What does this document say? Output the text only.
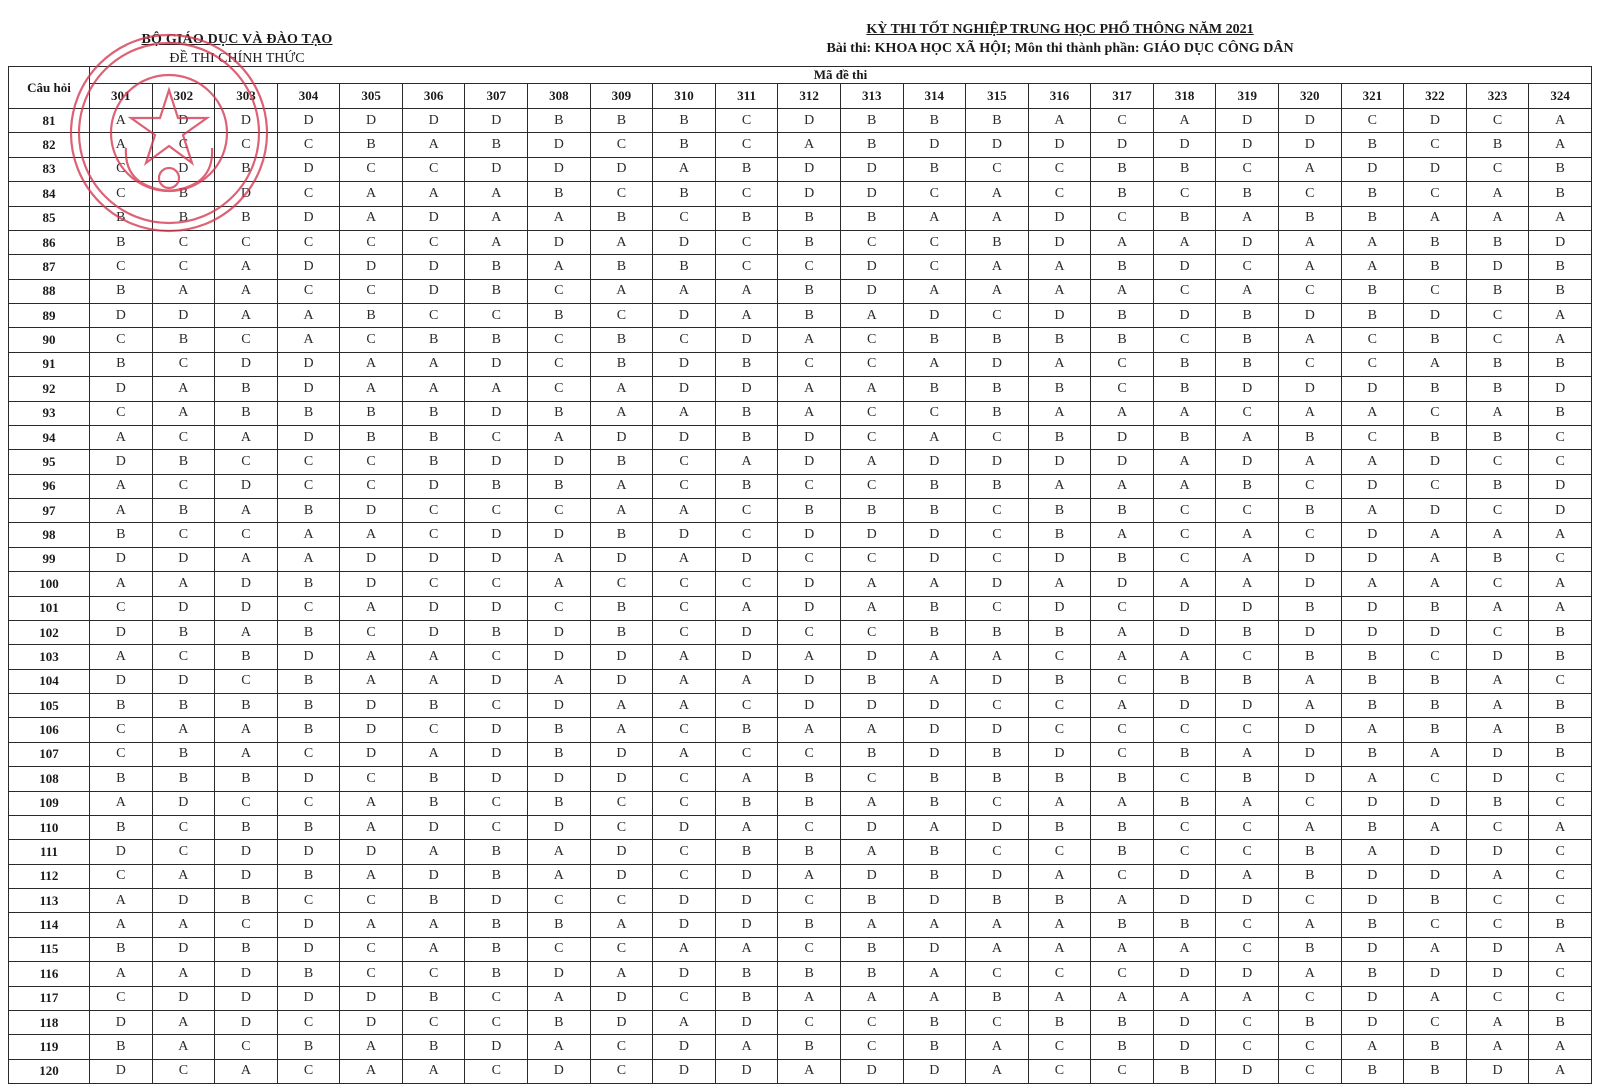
BỘ GIÁO DỤC VÀ ĐÀO TẠO
ĐỀ THI CHÍNH THỨC
KỲ THI TỐT NGHIỆP TRUNG HỌC PHỔ THÔNG NĂM 2021
Bài thi: KHOA HỌC XÃ HỘI; Môn thi thành phần: GIÁO DỤC CÔNG DÂN
Câu hỏi	Mã đề thi																							
	301	302	303	304	305	306	307	308	309	310	311	312	313	314	315	316	317	318	319	320	321	322	323	324
81	A	D	D	D	D	D	D	B	B	B	C	D	B	B	B	A	C	A	D	D	C	D	C	A
82	A	C	C	C	B	A	B	D	C	B	C	A	B	D	D	D	D	D	D	D	B	C	B	A
83	C	D	B	D	C	C	D	D	D	A	B	D	D	B	C	C	B	B	C	A	D	D	C	B
84	C	B	D	C	A	A	A	B	C	B	C	D	D	C	A	C	B	C	B	C	B	C	A	B
85	B	B	B	D	A	D	A	A	B	C	B	B	B	A	A	D	C	B	A	B	B	A	A	A
86	B	C	C	C	C	C	A	D	A	D	C	B	C	C	B	D	A	A	D	A	A	B	B	D
87	C	C	A	D	D	D	B	A	B	B	C	C	D	C	A	A	B	D	C	A	A	B	D	B
88	B	A	A	C	C	D	B	C	A	A	A	B	D	A	A	A	A	C	A	C	B	C	B	B
89	D	D	A	A	B	C	C	B	C	D	A	B	A	D	C	D	B	D	B	D	B	D	C	A
90	C	B	C	A	C	B	B	C	B	C	D	A	C	B	B	B	B	C	B	A	C	B	C	A
91	B	C	D	D	A	A	D	C	B	D	B	C	C	A	D	A	C	B	B	C	C	A	B	B
92	D	A	B	D	A	A	A	C	A	D	D	A	A	B	B	B	C	B	D	D	D	B	B	D
93	C	A	B	B	B	B	D	B	A	A	B	A	C	C	B	A	A	A	C	A	A	C	A	B
94	A	C	A	D	B	B	C	A	D	D	B	D	C	A	C	B	D	B	A	B	C	B	B	C
95	D	B	C	C	C	B	D	D	B	C	A	D	A	D	D	D	D	A	D	A	A	D	C	C
96	A	C	D	C	C	D	B	B	A	C	B	C	C	B	B	A	A	A	B	C	D	C	B	D
97	A	B	A	B	D	C	C	C	A	A	C	B	B	B	C	B	B	C	C	B	A	D	C	D
98	B	C	C	A	A	C	D	D	B	D	C	D	D	D	C	B	A	C	A	C	D	A	A	A
99	D	D	A	A	D	D	D	A	D	A	D	C	C	D	C	D	B	C	A	D	D	A	B	C
100	A	A	D	B	D	C	C	A	C	C	C	D	A	A	D	A	D	A	A	D	A	A	C	A
101	C	D	D	C	A	D	D	C	B	C	A	D	A	B	C	D	C	D	D	B	D	B	A	A
102	D	B	A	B	C	D	B	D	B	C	D	C	C	B	B	B	A	D	B	D	D	D	C	B
103	A	C	B	D	A	A	C	D	D	A	D	A	D	A	A	C	A	A	C	B	B	C	D	B
104	D	D	C	B	A	A	D	A	D	A	A	D	B	A	D	B	C	B	B	A	B	B	A	C
105	B	B	B	B	D	B	C	D	A	A	C	D	D	D	C	C	A	D	D	A	B	B	A	B
106	C	A	A	B	D	C	D	B	A	C	B	A	A	D	D	C	C	C	C	D	A	B	A	B
107	C	B	A	C	D	A	D	B	D	A	C	C	B	D	B	D	C	B	A	D	B	A	D	B
108	B	B	B	D	C	B	D	D	D	C	A	B	C	B	B	B	B	C	B	D	A	C	D	C
109	A	D	C	C	A	B	C	B	C	C	B	B	A	B	C	A	A	B	A	C	D	D	B	C
110	B	C	B	B	A	D	C	D	C	D	A	C	D	A	D	B	B	C	C	A	B	A	C	A
111	D	C	D	D	D	A	B	A	D	C	B	B	A	B	C	C	B	C	C	B	A	D	D	C
112	C	A	D	B	A	D	B	A	D	C	D	A	D	B	D	A	C	D	A	B	D	D	A	C
113	A	D	B	C	C	B	D	C	C	D	D	C	B	D	B	B	A	D	D	C	D	B	C	C
114	A	A	C	D	A	A	B	B	A	D	D	B	A	A	A	A	B	B	C	A	B	C	C	B
115	B	D	B	D	C	A	B	C	C	A	A	C	B	D	A	A	A	A	C	B	D	A	D	A
116	A	A	D	B	C	C	B	D	A	D	B	B	B	A	C	C	C	D	D	A	B	D	D	C
117	C	D	D	D	D	B	C	A	D	C	B	A	A	A	B	A	A	A	A	C	D	A	C	C
118	D	A	D	C	D	C	C	B	D	A	D	C	C	B	C	B	B	D	C	B	D	C	A	B
119	B	A	C	B	A	B	D	A	C	D	A	B	C	B	A	C	B	D	C	C	A	B	A	A
120	D	C	A	C	A	A	C	D	C	D	D	A	D	D	A	C	C	B	D	C	B	B	D	A
